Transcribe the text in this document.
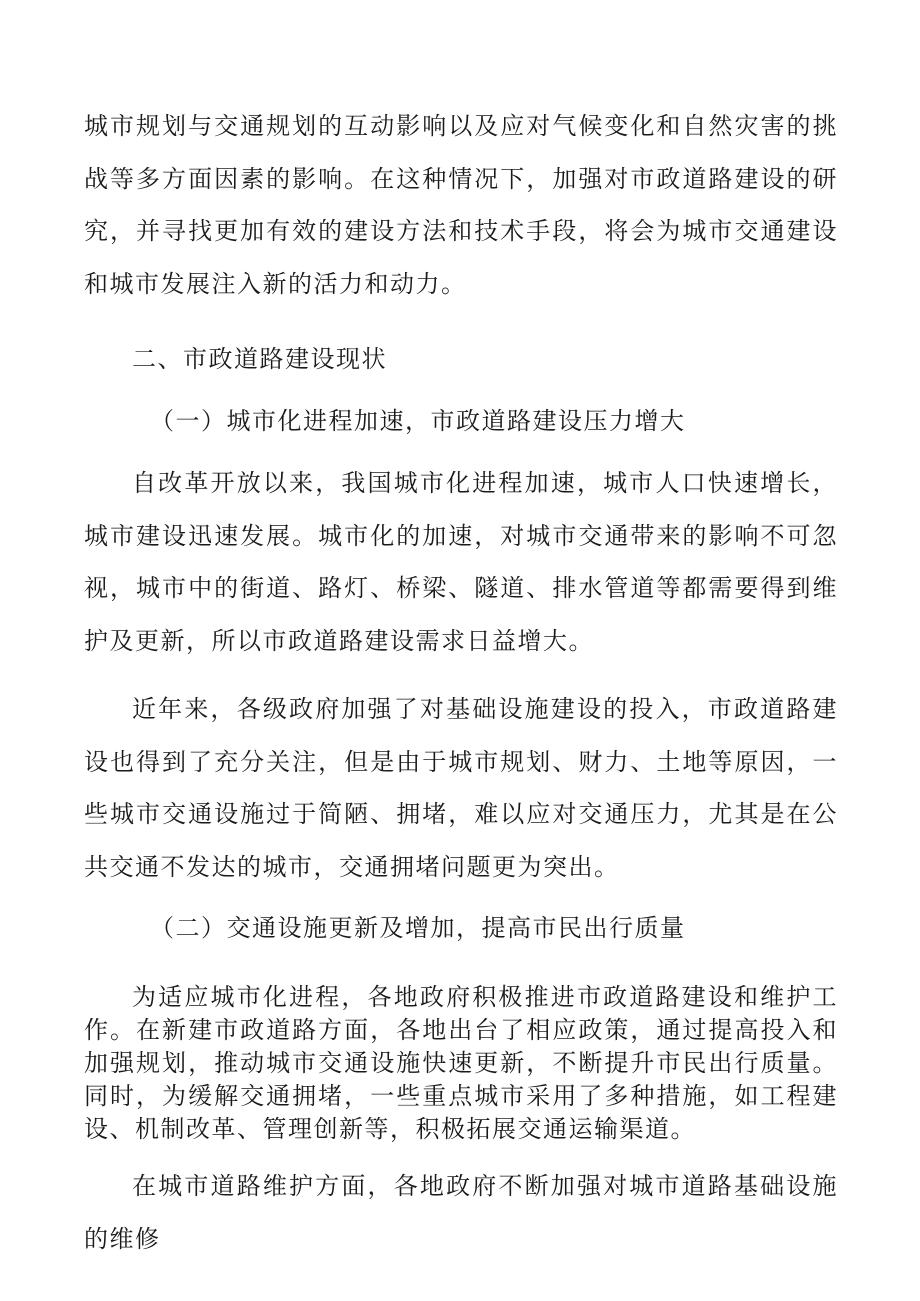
城市规划与交通规划的互动影响以及应对气候变化和自然灾害的挑战等多方面因素的影响。在这种情况下，加强对市政道路建设的研究，并寻找更加有效的建设方法和技术手段，将会为城市交通建设和城市发展注入新的活力和动力。

二、市政道路建设现状

（一）城市化进程加速，市政道路建设压力增大

自改革开放以来，我国城市化进程加速，城市人口快速增长，城市建设迅速发展。城市化的加速，对城市交通带来的影响不可忽视，城市中的街道、路灯、桥梁、隧道、排水管道等都需要得到维护及更新，所以市政道路建设需求日益增大。

近年来，各级政府加强了对基础设施建设的投入，市政道路建设也得到了充分关注，但是由于城市规划、财力、土地等原因，一些城市交通设施过于简陋、拥堵，难以应对交通压力，尤其是在公共交通不发达的城市，交通拥堵问题更为突出。

（二）交通设施更新及增加，提高市民出行质量

为适应城市化进程，各地政府积极推进市政道路建设和维护工作。在新建市政道路方面，各地出台了相应政策，通过提高投入和加强规划，推动城市交通设施快速更新，不断提升市民出行质量。同时，为缓解交通拥堵，一些重点城市采用了多种措施，如工程建设、机制改革、管理创新等，积极拓展交通运输渠道。

在城市道路维护方面，各地政府不断加强对城市道路基础设施的维修
